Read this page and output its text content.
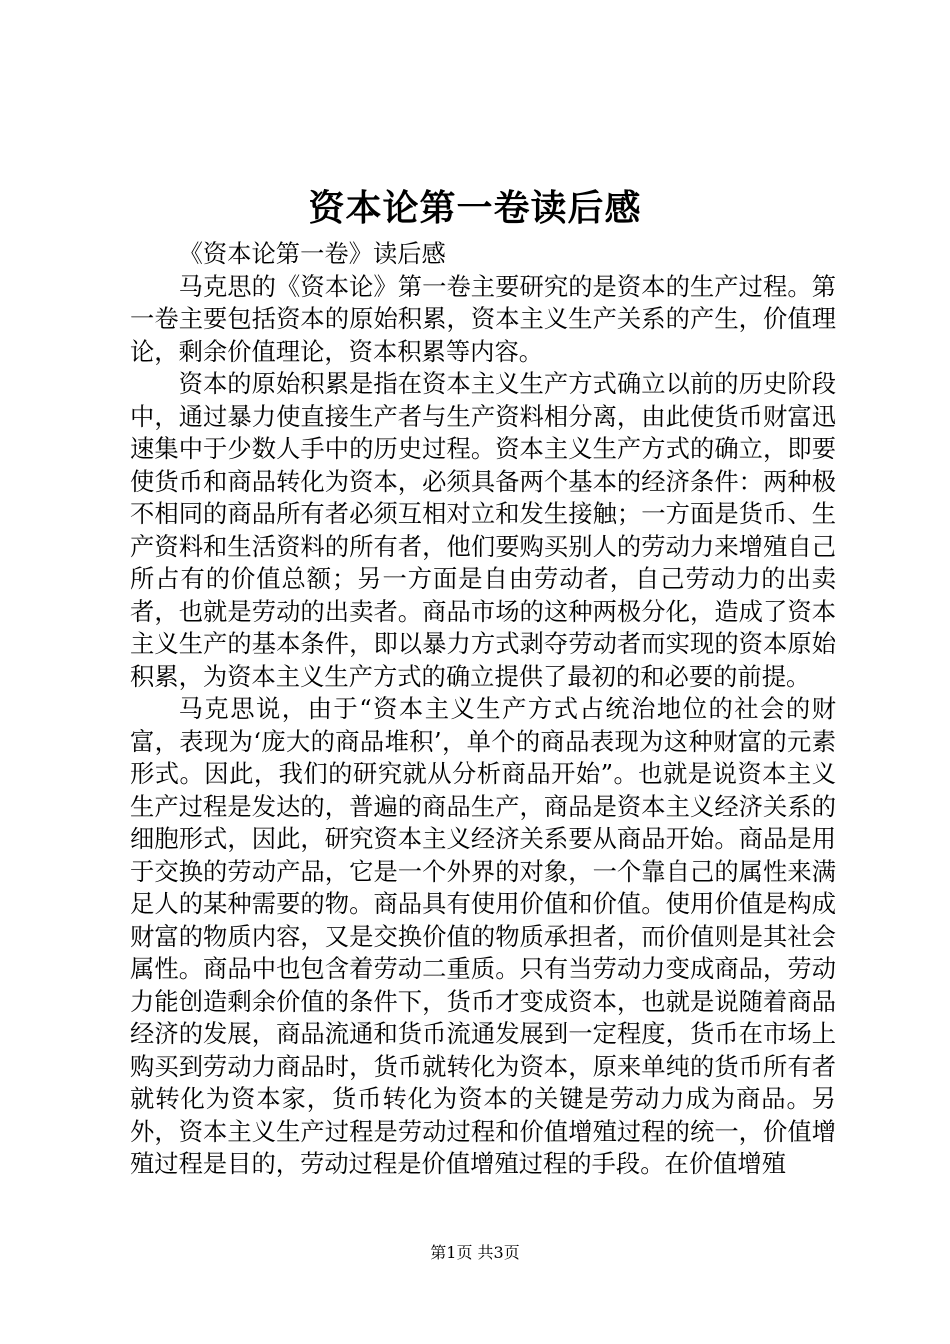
资本论第一卷读后感

《资本论第一卷》读后感

马克思的《资本论》第一卷主要研究的是资本的生产过程。第一卷主要包括资本的原始积累，资本主义生产关系的产生，价值理论，剩余价值理论，资本积累等内容。

资本的原始积累是指在资本主义生产方式确立以前的历史阶段中，通过暴力使直接生产者与生产资料相分离，由此使货币财富迅速集中于少数人手中的历史过程。资本主义生产方式的确立，即要使货币和商品转化为资本，必须具备两个基本的经济条件：两种极不相同的商品所有者必须互相对立和发生接触；一方面是货币、生产资料和生活资料的所有者，他们要购买别人的劳动力来增殖自己所占有的价值总额；另一方面是自由劳动者，自己劳动力的出卖者，也就是劳动的出卖者。商品市场的这种两极分化，造成了资本主义生产的基本条件，即以暴力方式剥夺劳动者而实现的资本原始积累，为资本主义生产方式的确立提供了最初的和必要的前提。

马克思说，由于“资本主义生产方式占统治地位的社会的财富，表现为‘庞大的商品堆积’，单个的商品表现为这种财富的元素形式。因此，我们的研究就从分析商品开始”。也就是说资本主义生产过程是发达的，普遍的商品生产，商品是资本主义经济关系的细胞形式，因此，研究资本主义经济关系要从商品开始。商品是用于交换的劳动产品，它是一个外界的对象，一个靠自己的属性来满足人的某种需要的物。商品具有使用价值和价值。使用价值是构成财富的物质内容，又是交换价值的物质承担者，而价值则是其社会属性。商品中也包含着劳动二重质。只有当劳动力变成商品，劳动力能创造剩余价值的条件下，货币才变成资本，也就是说随着商品经济的发展，商品流通和货币流通发展到一定程度，货币在市场上购买到劳动力商品时，货币就转化为资本，原来单纯的货币所有者就转化为资本家，货币转化为资本的关键是劳动力成为商品。另外，资本主义生产过程是劳动过程和价值增殖过程的统一，价值增殖过程是目的，劳动过程是价值增殖过程的手段。在价值增殖

第1页 共3页
